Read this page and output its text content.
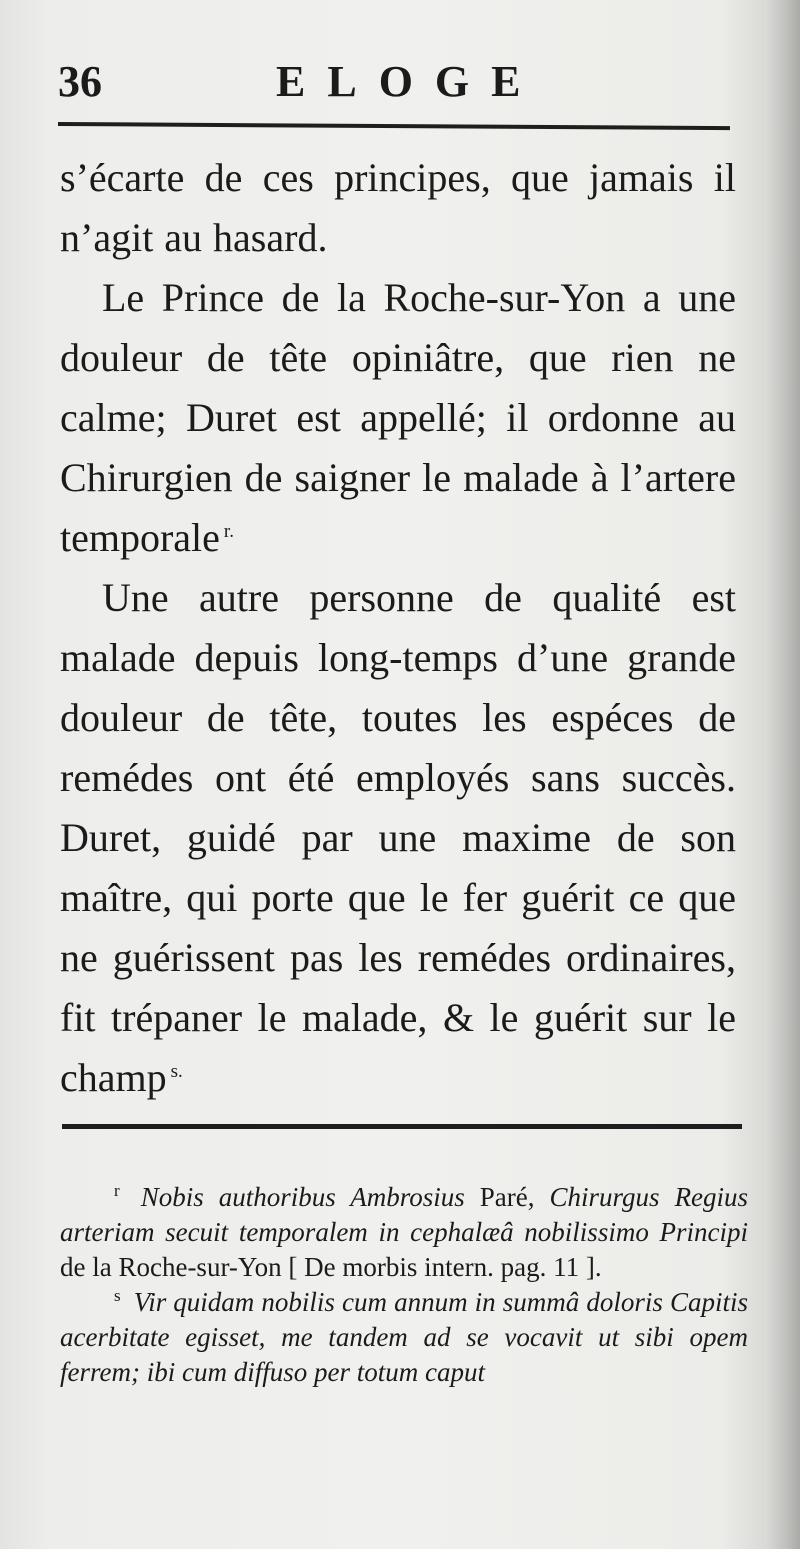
36	ELOGE

s’écarte de ces principes, que jamais il n’agit au hasard.

Le Prince de la Roche-sur-Yon a une douleur de tête opiniâtre, que rien ne calme; Duret est appellé; il ordonne au Chirurgien de saigner le malade à l’artere temporale $^{r.}$

Une autre personne de qualité est malade depuis long-temps d’une grande douleur de tête, toutes les espéces de remédes ont été employés sans succès. Duret, guidé par une maxime de son maître, qui porte que le fer guérit ce que ne guérissent pas les remédes ordinaires, fit trépaner le malade, & le guérit sur le champ $^{s.}$

$^r$ Nobis authoribus Ambrosius Paré, Chirurgus Regius arteriam secuit temporalem in cephalæâ nobilissimo Principi de la Roche-sur-Yon [ De morbis intern. pag. 11 ].

$^s$ Vir quidam nobilis cum annum in summâ doloris Capitis acerbitate egisset, me tandem ad se vocavit ut sibi opem ferrem; ibi cum diffuso per totum caput
